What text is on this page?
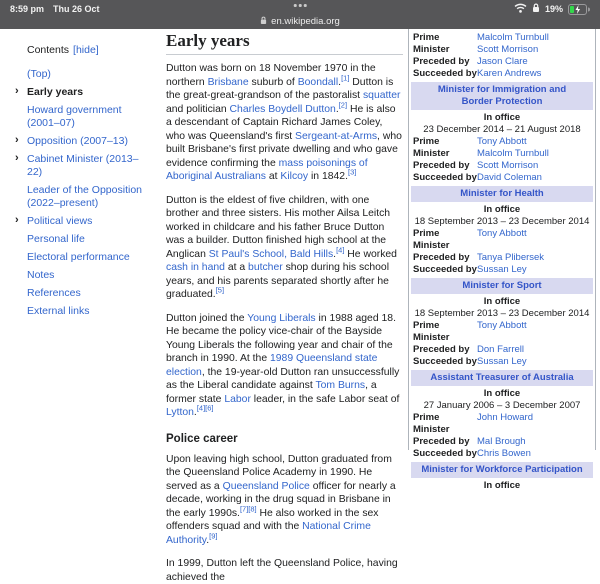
8:59 pm Thu 26 Oct	19%
en.wikipedia.org
Contents [hide]
(Top)
› Early years
Howard government (2001–07)
› Opposition (2007–13)
› Cabinet Minister (2013–22)
Leader of the Opposition (2022–present)
› Political views
Personal life
Electoral performance
Notes
References
External links
Early years

Dutton was born on 18 November 1970 in the northern Brisbane suburb of Boondall.[1] Dutton is the great-great-grandson of the pastoralist squatter and politician Charles Boydell Dutton.[2] He is also a descendant of Captain Richard James Coley, who was Queensland's first Sergeant-at-Arms, who built Brisbane's first private dwelling and who gave evidence confirming the mass poisonings of Aboriginal Australians at Kilcoy in 1842.[3]

Dutton is the eldest of five children, with one brother and three sisters. His mother Ailsa Leitch worked in childcare and his father Bruce Dutton was a builder. Dutton finished high school at the Anglican St Paul's School, Bald Hills.[4] He worked cash in hand at a butcher shop during his school years, and his parents separated shortly after he graduated.[5]

Dutton joined the Young Liberals in 1988 aged 18. He became the policy vice-chair of the Bayside Young Liberals the following year and chair of the branch in 1990. At the 1989 Queensland state election, the 19-year-old Dutton ran unsuccessfully as the Liberal candidate against Tom Burns, a former state Labor leader, in the safe Labor seat of Lytton.[4][6]

Police career

Upon leaving high school, Dutton graduated from the Queensland Police Academy in 1990. He served as a Queensland Police officer for nearly a decade, working in the drug squad in Brisbane in the early 1990s.[7][8] He also worked in the sex offenders squad and with the National Crime Authority.[9]

In 1999, Dutton left the Queensland Police, having achieved the

Prime Minister
Malcolm Turnbull
Scott Morrison
Preceded by Jason Clare
Succeeded by Karen Andrews
Minister for Immigration and Border Protection
In office
23 December 2014 – 21 August 2018
Prime Minister
Tony Abbott
Malcolm Turnbull
Preceded by Scott Morrison
Succeeded by David Coleman
Minister for Health
In office
18 September 2013 – 23 December 2014
Prime Minister
Tony Abbott
Preceded by Tanya Plibersek
Succeeded by Sussan Ley
Minister for Sport
In office
18 September 2013 – 23 December 2014
Prime Minister
Tony Abbott
Preceded by Don Farrell
Succeeded by Sussan Ley
Assistant Treasurer of Australia
In office
27 January 2006 – 3 December 2007
Prime Minister
John Howard
Preceded by Mal Brough
Succeeded by Chris Bowen
Minister for Workforce Participation
In office
